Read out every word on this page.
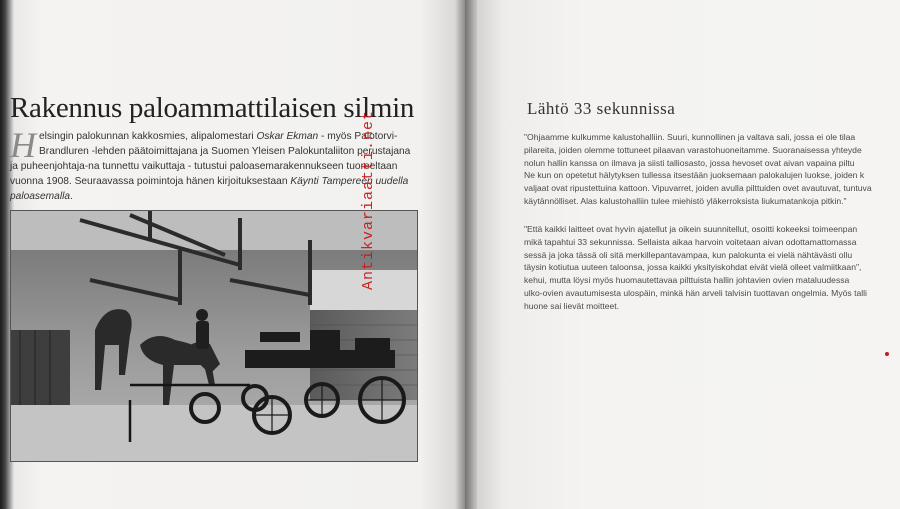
Rakennus paloammattilaisen silmin

Helsingin palokunnan kakkosmies, alipalomestari Oskar Ekman - myös Palotorvi-Brandluren -lehden päätoimittajana ja Suomen Yleisen Palokuntaliiton perustajana ja puheenjohtaja-na tunnettu vaikuttaja - tutustui paloasemarakennukseen tuoreeltaan vuonna 1908. Seuraavassa poimintoja hänen kirjoituksestaan Käynti Tampereen uudella paloasemalla.	Antikvariaatti.net
Lähtö 33 sekunnissa

"Ohjaamme kulkumme kalustohalliin. Suuri, kunnollinen ja valtava sali, jossa ei ole tilaa
pilareita, joiden olemme tottuneet pilaavan varastohuoneitamme. Suoranaisessa yhteyde
nolun hallin kanssa on ilmava ja siisti talliosasto, jossa hevoset ovat aivan vapaina piltu
Ne kun on opetetut hälytyksen tullessa itsestään juoksemaan palokalujen luokse, joiden k
valjaat ovat ripustettuina kattoon. Vipuvarret, joiden avulla pilttuiden ovet avautuvat, tuntuva
käytännölliset. Alas kalustohalliin tulee miehistö yläkerroksista liukumatankoja pitkin."

"Että kaikki laitteet ovat hyvin ajatellut ja oikein suunnitellut, osoitti kokeeksi toimeenpan
mikä tapahtui 33 sekunnissa. Sellaista aikaa harvoin voitetaan aivan odottamattomassa
sessä ja joka tässä oli sitä merkillepantavampaa, kun palokunta ei vielä nähtävästi ollu
täysin kotiutua uuteen taloonsa, jossa kaikki yksityiskohdat eivät vielä olleet valmiitkaan",
kehui, mutta löysi myös huomautettavaa pilttuista hallin johtavien ovien mataluudessa
ulko-ovien avautumisesta ulospäin, minkä hän arveli talvisin tuottavan ongelmia. Myös talli
huone sai lievät moitteet.
